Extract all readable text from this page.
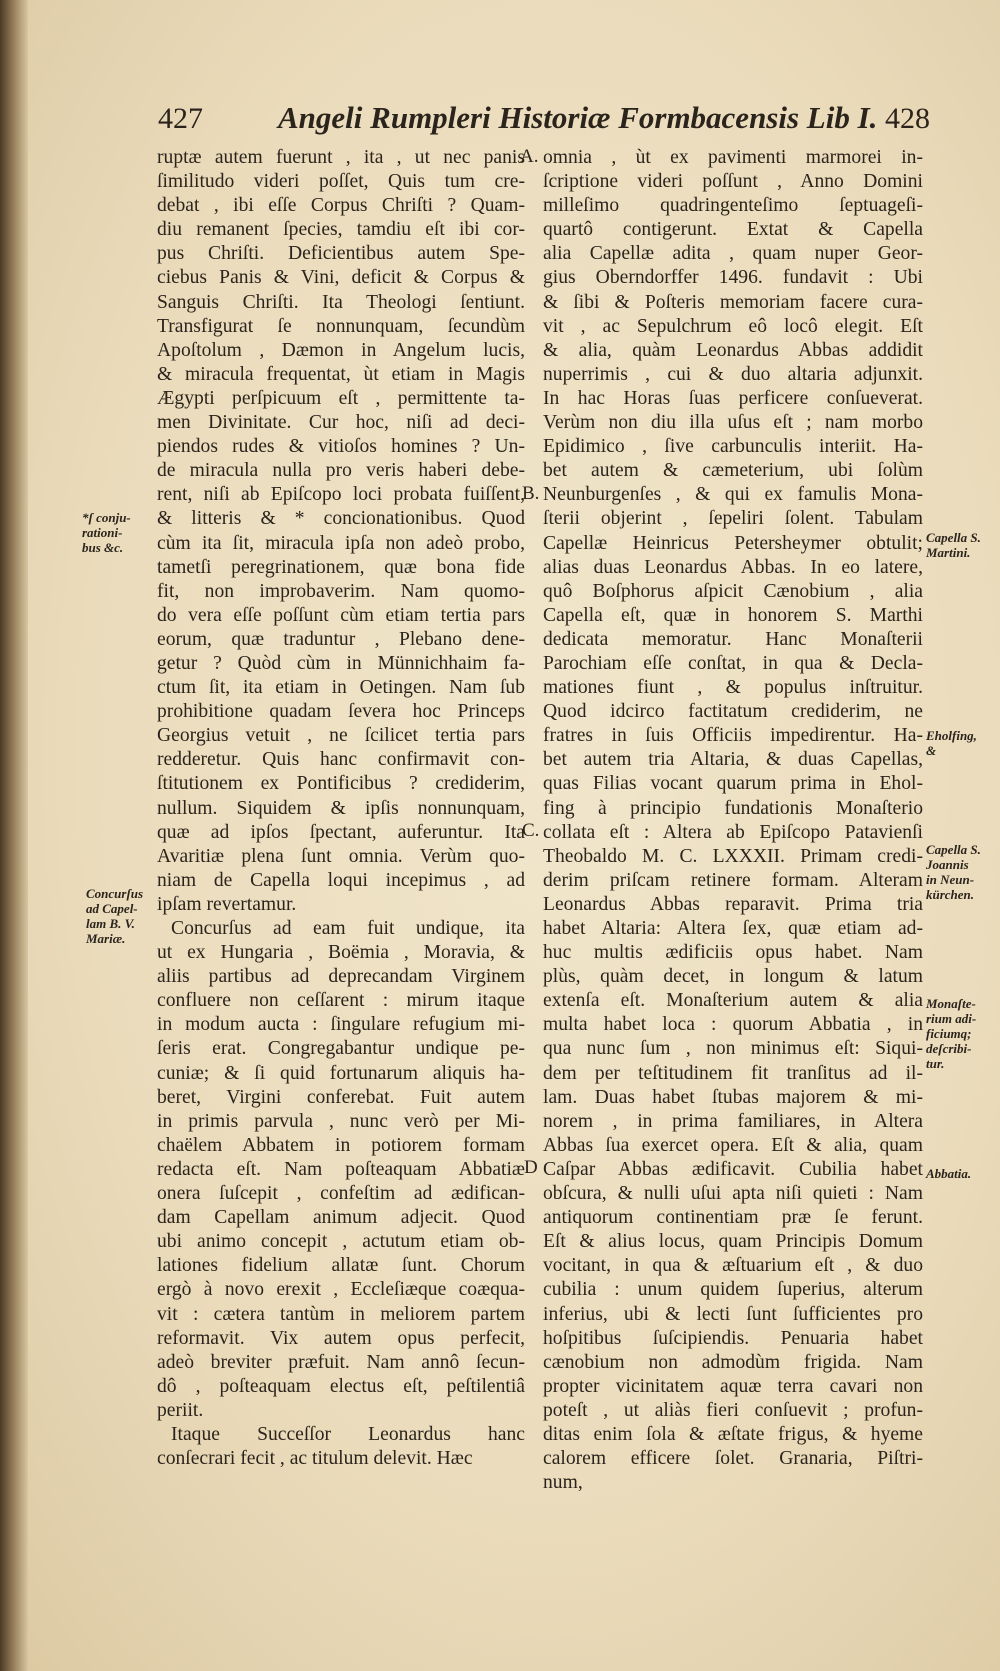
427 Angeli Rumpleri Historiæ Formbacensis Lib I. 428
ruptæ autem fuerunt , ita , ut nec panis
ſimilitudo videri poſſet, Quis tum cre-
debat , ibi eſſe Corpus Chriſti ? Quam-
diu remanent ſpecies, tamdiu eſt ibi cor-
pus Chriſti. Deficientibus autem Spe-
ciebus Panis & Vini, deficit & Corpus &
Sanguis Chriſti. Ita Theologi ſentiunt.
Transfigurat ſe nonnunquam, ſecundùm
Apoſtolum , Dæmon in Angelum lucis,
& miracula frequentat, ùt etiam in Magis
Ægypti perſpicuum eſt , permittente ta-
men Divinitate. Cur hoc, niſi ad deci-
piendos rudes & vitioſos homines ? Un-
de miracula nulla pro veris haberi debe-
rent, niſi ab Epiſcopo loci probata fuiſſent,
& litteris & * concionationibus. Quod
cùm ita ſit, miracula ipſa non adeò probo,
tametſi peregrinationem, quæ bona fide
fit, non improbaverim. Nam quomo-
do vera eſſe poſſunt cùm etiam tertia pars
eorum, quæ traduntur , Plebano dene-
getur ? Quòd cùm in Münnichhaim fa-
ctum ſit, ita etiam in Oetingen. Nam ſub
prohibitione quadam ſevera hoc Princeps
Georgius vetuit , ne ſcilicet tertia pars
redderetur. Quis hanc confirmavit con-
ſtitutionem ex Pontificibus ? crediderim,
nullum. Siquidem & ipſis nonnunquam,
quæ ad ipſos ſpectant, auferuntur. Ita
Avaritiæ plena ſunt omnia. Verùm quo-
niam de Capella loqui incepimus , ad
ipſam revertamur.
Concurſus ad eam fuit undique, ita
ut ex Hungaria , Boëmia , Moravia, &
aliis partibus ad deprecandam Virginem
confluere non ceſſarent : mirum itaque
in modum aucta : ſingulare refugium mi-
ſeris erat. Congregabantur undique pe-
cuniæ; & ſi quid fortunarum aliquis ha-
beret, Virgini conferebat. Fuit autem
in primis parvula , nunc verò per Mi-
chaëlem Abbatem in potiorem formam
redacta eſt. Nam poſteaquam Abbatiæ
onera ſuſcepit , confeſtim ad ædifican-
dam Capellam animum adjecit. Quod
ubi animo concepit , actutum etiam ob-
lationes fidelium allatæ ſunt. Chorum
ergò à novo erexit , Eccleſiæque coæqua-
vit : cætera tantùm in meliorem partem
reformavit. Vix autem opus perfecit,
adeò breviter præfuit. Nam annô ſecun-
dô , poſteaquam electus eſt, peſtilentiâ
periit.
Itaque Succeſſor Leonardus hanc
conſecrari fecit , ac titulum delevit. Hæc
omnia , ùt ex pavimenti marmorei in-
ſcriptione videri poſſunt , Anno Domini
milleſimo quadringenteſimo ſeptuageſi-
quartô contigerunt. Extat & Capella
alia Capellæ adita , quam nuper Geor-
gius Oberndorffer 1496. fundavit : Ubi
& ſibi & Poſteris memoriam facere cura-
vit , ac Sepulchrum eô locô elegit. Eſt
& alia, quàm Leonardus Abbas addidit
nuperrimis , cui & duo altaria adjunxit.
In hac Horas ſuas perficere conſueverat.
Verùm non diu illa uſus eſt ; nam morbo
Epidimico , ſive carbunculis interiit. Ha-
bet autem & cæmeterium, ubi ſolùm
Neunburgenſes , & qui ex famulis Mona-
ſterii objerint , ſepeliri ſolent. Tabulam
Capellæ Heinricus Petersheymer obtulit;
alias duas Leonardus Abbas. In eo latere,
quô Boſphorus aſpicit Cænobium , alia
Capella eſt, quæ in honorem S. Marthi
dedicata memoratur. Hanc Monaſterii
Parochiam eſſe conſtat, in qua & Decla-
mationes fiunt , & populus inſtruitur.
Quod idcirco factitatum crediderim, ne
fratres in ſuis Officiis impedirentur. Ha-
bet autem tria Altaria, & duas Capellas,
quas Filias vocant quarum prima in Ehol-
fing à principio fundationis Monaſterio
collata eſt : Altera ab Epiſcopo Patavienſi
Theobaldo M. C. LXXXII. Primam credi-
derim priſcam retinere formam. Alteram
Leonardus Abbas reparavit. Prima tria
habet Altaria: Altera ſex, quæ etiam ad-
huc multis ædificiis opus habet. Nam
plùs, quàm decet, in longum & latum
extenſa eſt. Monaſterium autem & alia
multa habet loca : quorum Abbatia , in
qua nunc ſum , non minimus eſt: Siqui-
dem per teſtitudinem fit tranſitus ad il-
lam. Duas habet ſtubas majorem & mi-
norem , in prima familiares, in Altera
Abbas ſua exercet opera. Eſt & alia, quam
Caſpar Abbas ædificavit. Cubilia habet
obſcura, & nulli uſui apta niſi quieti : Nam
antiquorum continentiam præ ſe ferunt.
Eſt & alius locus, quam Principis Domum
vocitant, in qua & æſtuarium eſt , & duo
cubilia : unum quidem ſuperius, alterum
inferius, ubi & lecti ſunt ſufficientes pro
hoſpitibus ſuſcipiendis. Penuaria habet
cænobium non admodùm frigida. Nam
propter vicinitatem aquæ terra cavari non
poteſt , ut aliàs fieri conſuevit ; profun-
ditas enim ſola & æſtate frigus, & hyeme
calorem efficere ſolet. Granaria, Piſtri-
num,
A.
B.
C.
D
*ſ conju-
rationi-
bus &c.
Concurſus
ad Capel-
lam B. V.
Mariæ.
Capella S.
Martini.
Eholfing,
&
Capella S.
Joannis
in Neun-
kürchen.
Monaſte-
rium adi-
ficiumq;
deſcribi-
tur.
Abbatia.
